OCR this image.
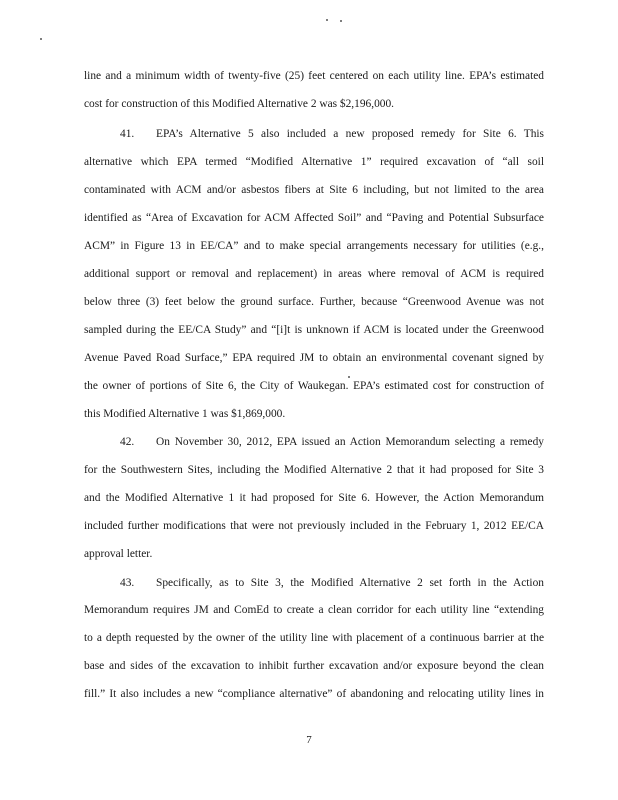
line and a minimum width of twenty-five (25) feet centered on each utility line. EPA’s estimated
cost for construction of this Modified Alternative 2 was $2,196,000.
41. EPA’s Alternative 5 also included a new proposed remedy for Site 6. This
alternative which EPA termed “Modified Alternative 1” required excavation of “all soil
contaminated with ACM and/or asbestos fibers at Site 6 including, but not limited to the area
identified as “Area of Excavation for ACM Affected Soil” and “Paving and Potential Subsurface
ACM” in Figure 13 in EE/CA” and to make special arrangements necessary for utilities (e.g.,
additional support or removal and replacement) in areas where removal of ACM is required
below three (3) feet below the ground surface. Further, because “Greenwood Avenue was not
sampled during the EE/CA Study” and “[i]t is unknown if ACM is located under the Greenwood
Avenue Paved Road Surface,” EPA required JM to obtain an environmental covenant signed by
the owner of portions of Site 6, the City of Waukegan. EPA’s estimated cost for construction of
this Modified Alternative 1 was $1,869,000.
42. On November 30, 2012, EPA issued an Action Memorandum selecting a remedy
for the Southwestern Sites, including the Modified Alternative 2 that it had proposed for Site 3
and the Modified Alternative 1 it had proposed for Site 6. However, the Action Memorandum
included further modifications that were not previously included in the February 1, 2012 EE/CA
approval letter.
43. Specifically, as to Site 3, the Modified Alternative 2 set forth in the Action
Memorandum requires JM and ComEd to create a clean corridor for each utility line “extending
to a depth requested by the owner of the utility line with placement of a continuous barrier at the
base and sides of the excavation to inhibit further excavation and/or exposure beyond the clean
fill.” It also includes a new “compliance alternative” of abandoning and relocating utility lines in
7
